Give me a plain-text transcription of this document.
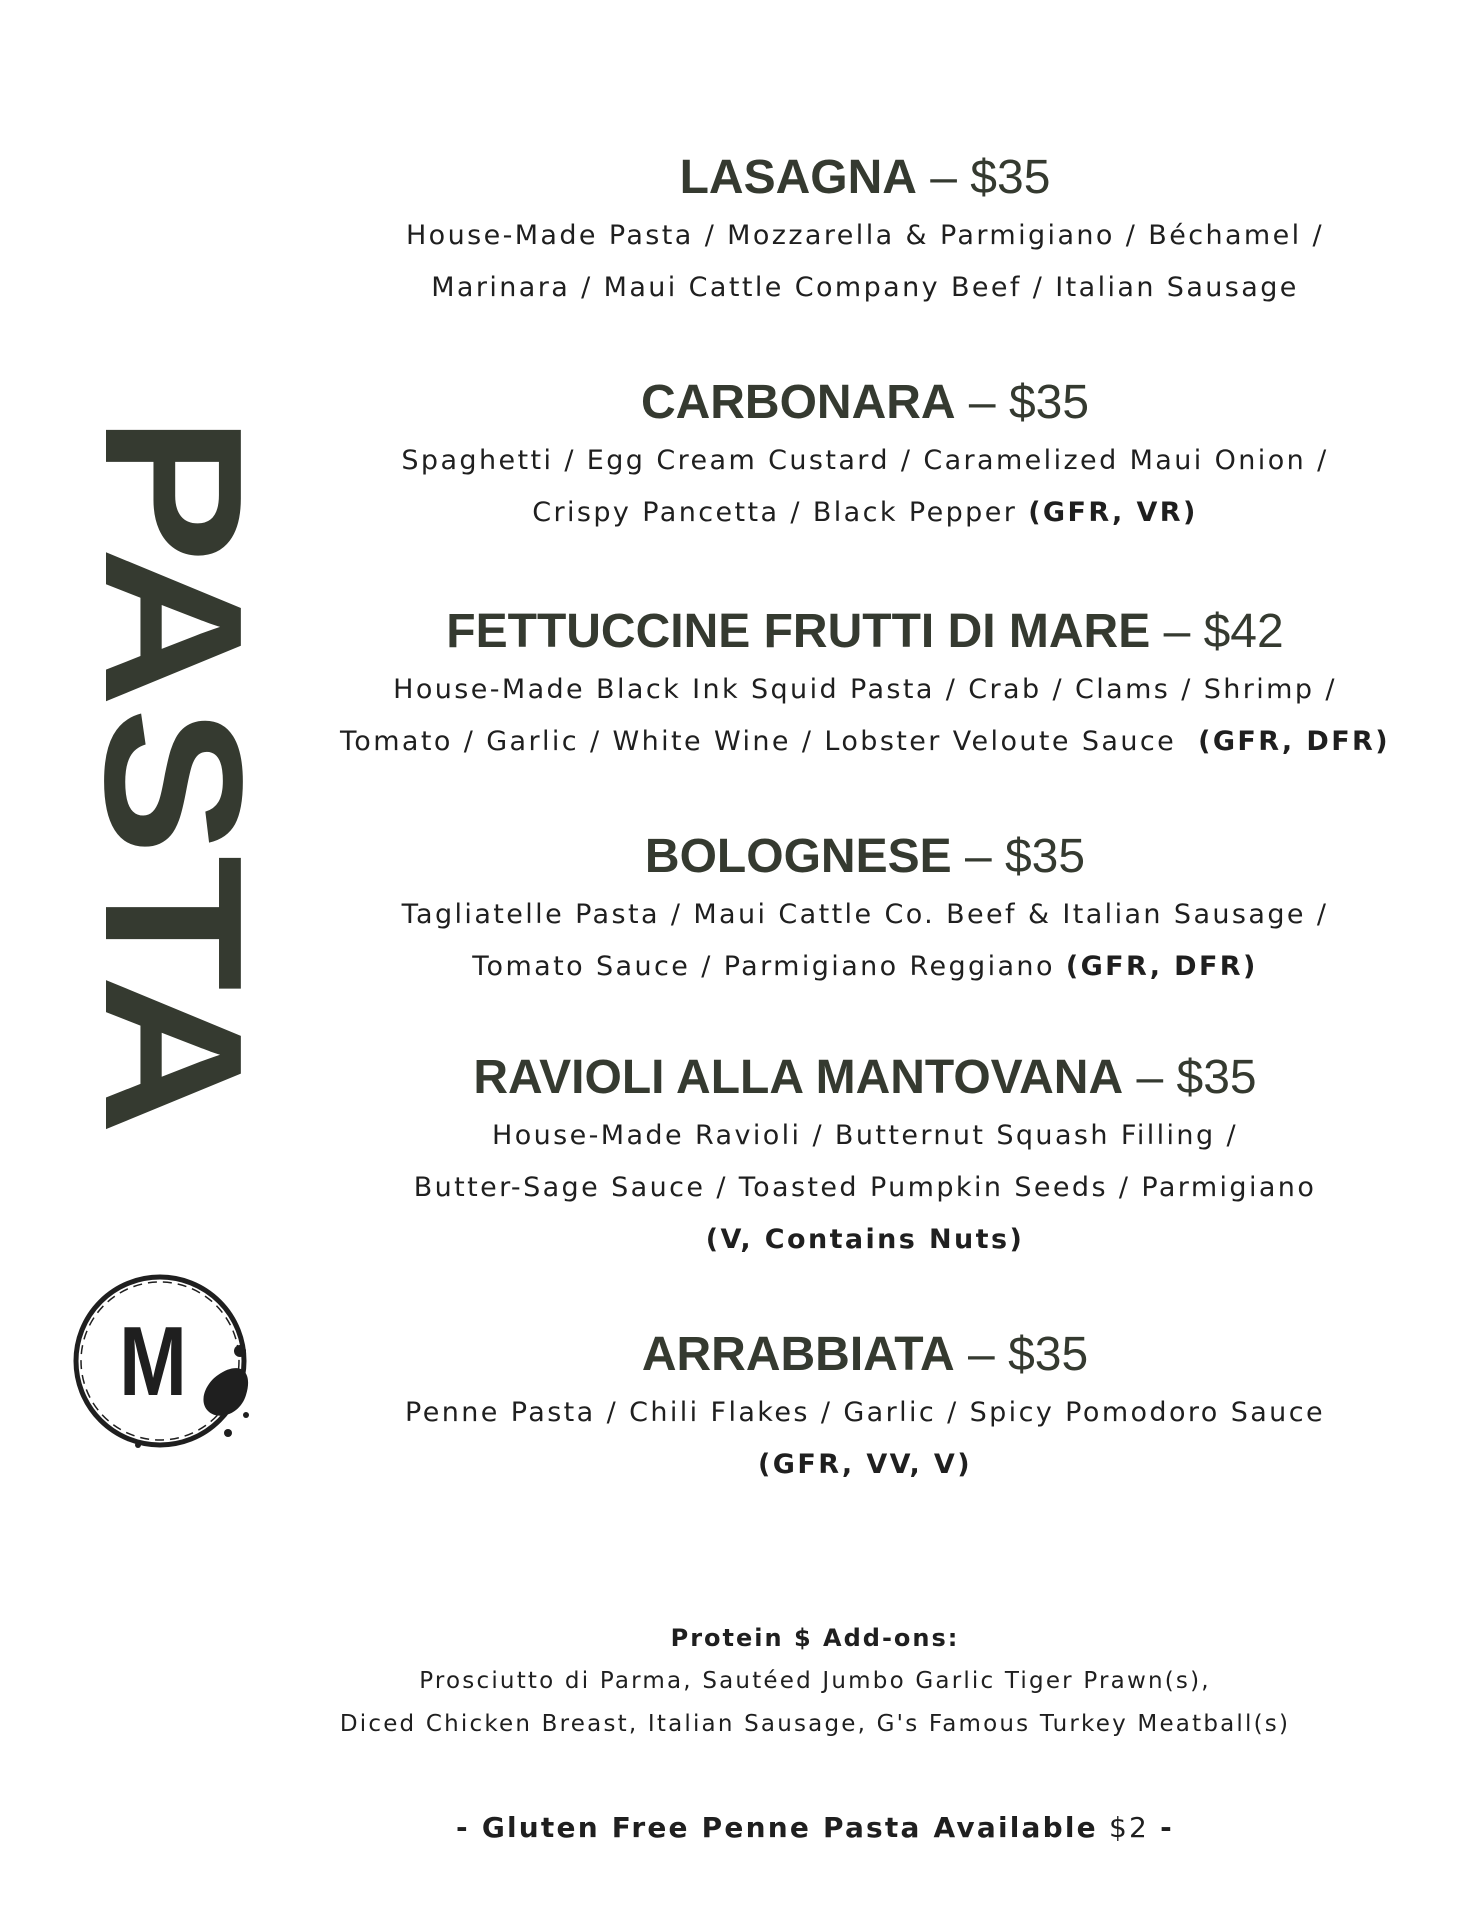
PASTA
M
LASAGNA – $35
House-Made Pasta / Mozzarella & Parmigiano / Béchamel /
Marinara / Maui Cattle Company Beef / Italian Sausage
CARBONARA – $35
Spaghetti / Egg Cream Custard / Caramelized Maui Onion /
Crispy Pancetta / Black Pepper (GFR, VR)
FETTUCCINE FRUTTI DI MARE – $42
House-Made Black Ink Squid Pasta / Crab / Clams / Shrimp /
Tomato / Garlic / White Wine / Lobster Veloute Sauce  (GFR, DFR)
BOLOGNESE – $35
Tagliatelle Pasta / Maui Cattle Co. Beef & Italian Sausage /
Tomato Sauce / Parmigiano Reggiano (GFR, DFR)
RAVIOLI ALLA MANTOVANA – $35
House-Made Ravioli / Butternut Squash Filling /
Butter-Sage Sauce / Toasted Pumpkin Seeds / Parmigiano
(V, Contains Nuts)
ARRABBIATA – $35
Penne Pasta / Chili Flakes / Garlic / Spicy Pomodoro Sauce
(GFR, VV, V)
Protein $ Add-ons:
Prosciutto di Parma, Sautéed Jumbo Garlic Tiger Prawn(s),
Diced Chicken Breast, Italian Sausage, G's Famous Turkey Meatball(s)
- Gluten Free Penne Pasta Available $2 -
